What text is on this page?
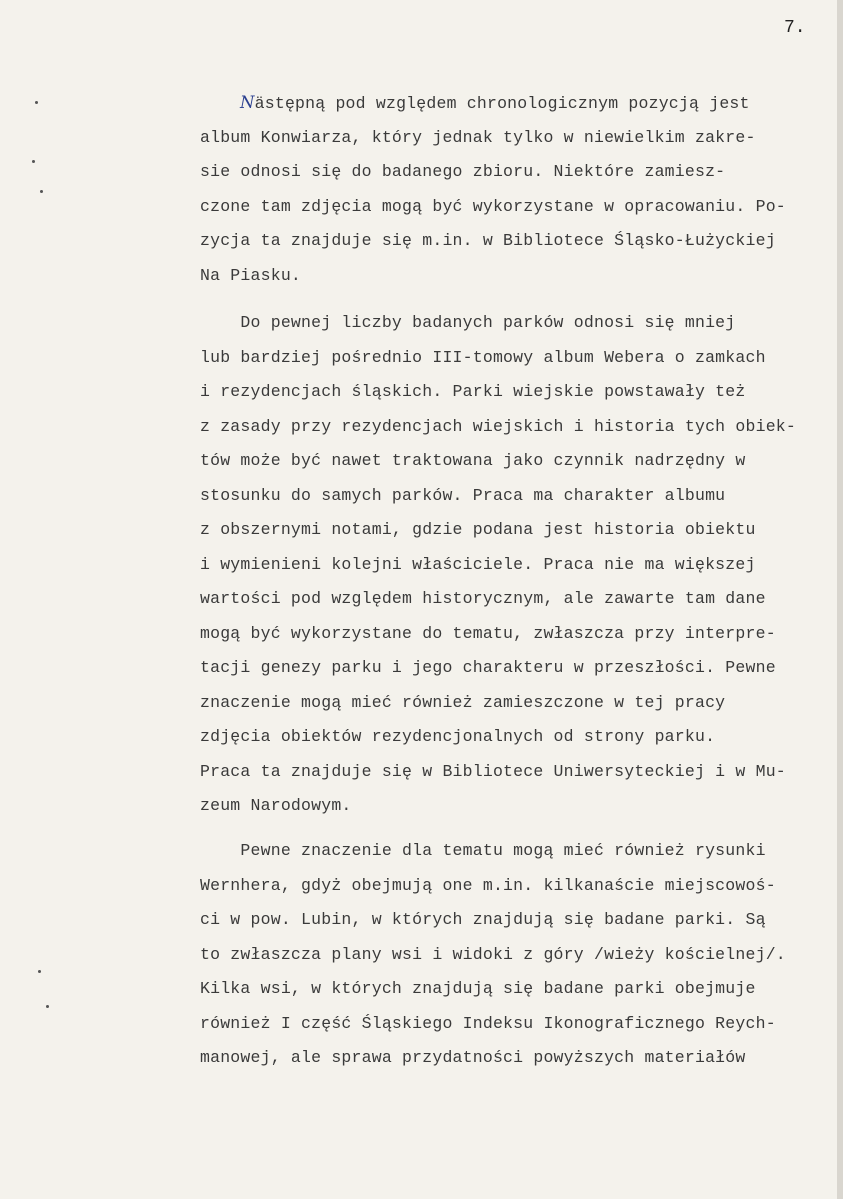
7.
Nästępną pod względem chronologicznym pozycją jest
album Konwiarza, który jednak tylko w niewielkim zakre-
sie odnosi się do badanego zbioru. Niektóre zamiesz-
czone tam zdjęcia mogą być wykorzystane w opracowaniu. Po-
zycja ta znajduje się m.in. w Bibliotece Śląsko-Łużyckiej
Na Piasku.
Do pewnej liczby badanych parków odnosi się mniej
lub bardziej pośrednio III-tomowy album Webera o zamkach
i rezydencjach śląskich. Parki wiejskie powstawały też
z zasady przy rezydencjach wiejskich i historia tych obiek-
tów może być nawet traktowana jako czynnik nadrzędny w
stosunku do samych parków. Praca ma charakter albumu
z obszernymi notami, gdzie podana jest historia obiektu
i wymienieni kolejni właściciele. Praca nie ma większej
wartości pod względem historycznym, ale zawarte tam dane
mogą być wykorzystane do tematu, zwłaszcza przy interpre-
tacji genezy parku i jego charakteru w przeszłości. Pewne
znaczenie mogą mieć również zamieszczone w tej pracy
zdjęcia obiektów rezydencjonalnych od strony parku.
Praca ta znajduje się w Bibliotece Uniwersyteckiej i w Mu-
zeum Narodowym.
Pewne znaczenie dla tematu mogą mieć również rysunki
Wernhera, gdyż obejmują one m.in. kilkanaście miejscowoś-
ci w pow. Lubin, w których znajdują się badane parki. Są
to zwłaszcza plany wsi i widoki z góry /wieży kościelnej/.
Kilka wsi, w których znajdują się badane parki obejmuje
również I część Śląskiego Indeksu Ikonograficznego Reych-
manowej, ale sprawa przydatności powyższych materiałów
